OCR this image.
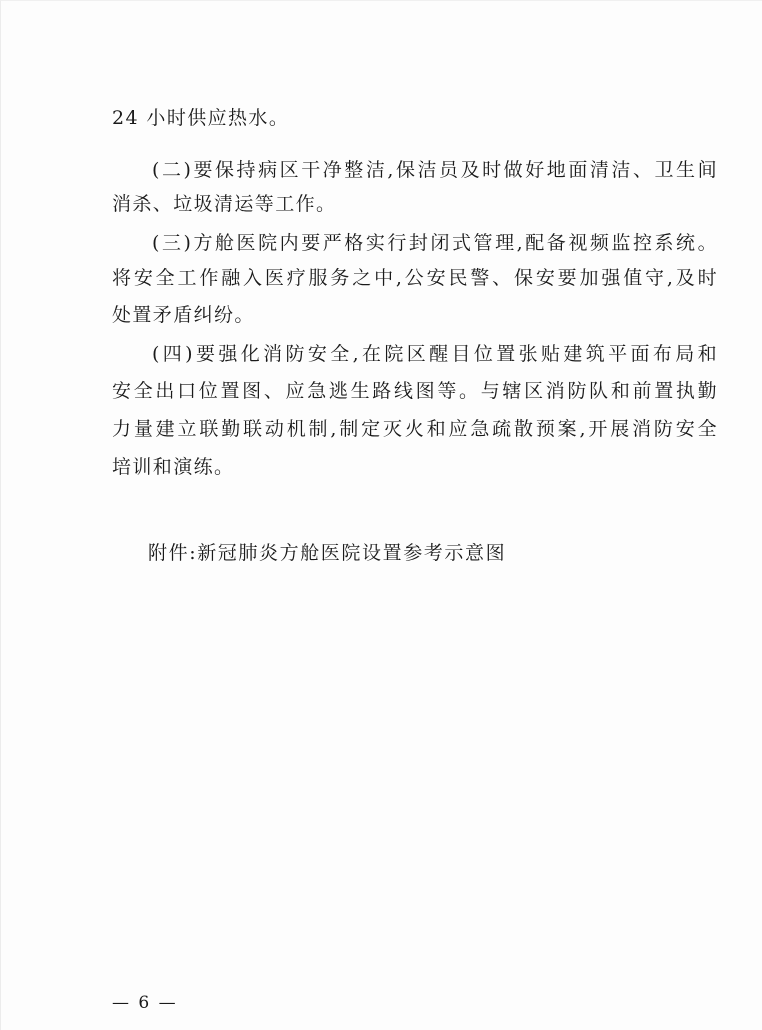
24 小时供应热水。
(二)要保持病区干净整洁,保洁员及时做好地面清洁、卫生间
消杀、垃圾清运等工作。
(三)方舱医院内要严格实行封闭式管理,配备视频监控系统。
将安全工作融入医疗服务之中,公安民警、保安要加强值守,及时
处置矛盾纠纷。
(四)要强化消防安全,在院区醒目位置张贴建筑平面布局和
安全出口位置图、应急逃生路线图等。与辖区消防队和前置执勤
力量建立联勤联动机制,制定灭火和应急疏散预案,开展消防安全
培训和演练。
附件:新冠肺炎方舱医院设置参考示意图
— 6 —
